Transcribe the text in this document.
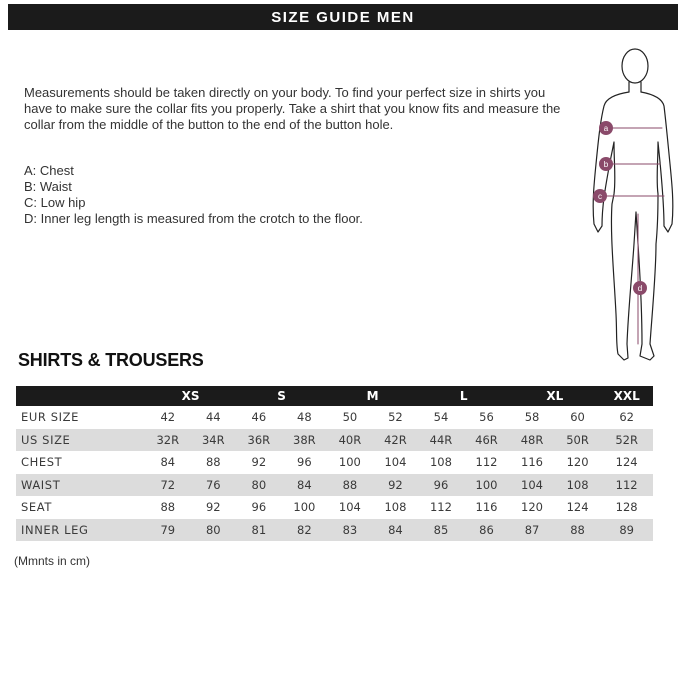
SIZE GUIDE MEN

Measurements should be taken directly on your body. To find your perfect size in shirts you have to make sure the collar fits you properly. Take a shirt that you know fits and measure the collar from the middle of the button to the end of the button hole.

A: Chest
B: Waist
C: Low hip
D: Inner leg length is measured from the crotch to the floor.
a
b
c
d
SHIRTS & TROUSERS
	XS		S		M		L		XL		XXL
EUR SIZE	42	44	46	48	50	52	54	56	58	60	62
US SIZE	32R	34R	36R	38R	40R	42R	44R	46R	48R	50R	52R
CHEST	84	88	92	96	100	104	108	112	116	120	124
WAIST	72	76	80	84	88	92	96	100	104	108	112
SEAT	88	92	96	100	104	108	112	116	120	124	128
INNER LEG	79	80	81	82	83	84	85	86	87	88	89
(Mmnts in cm)
